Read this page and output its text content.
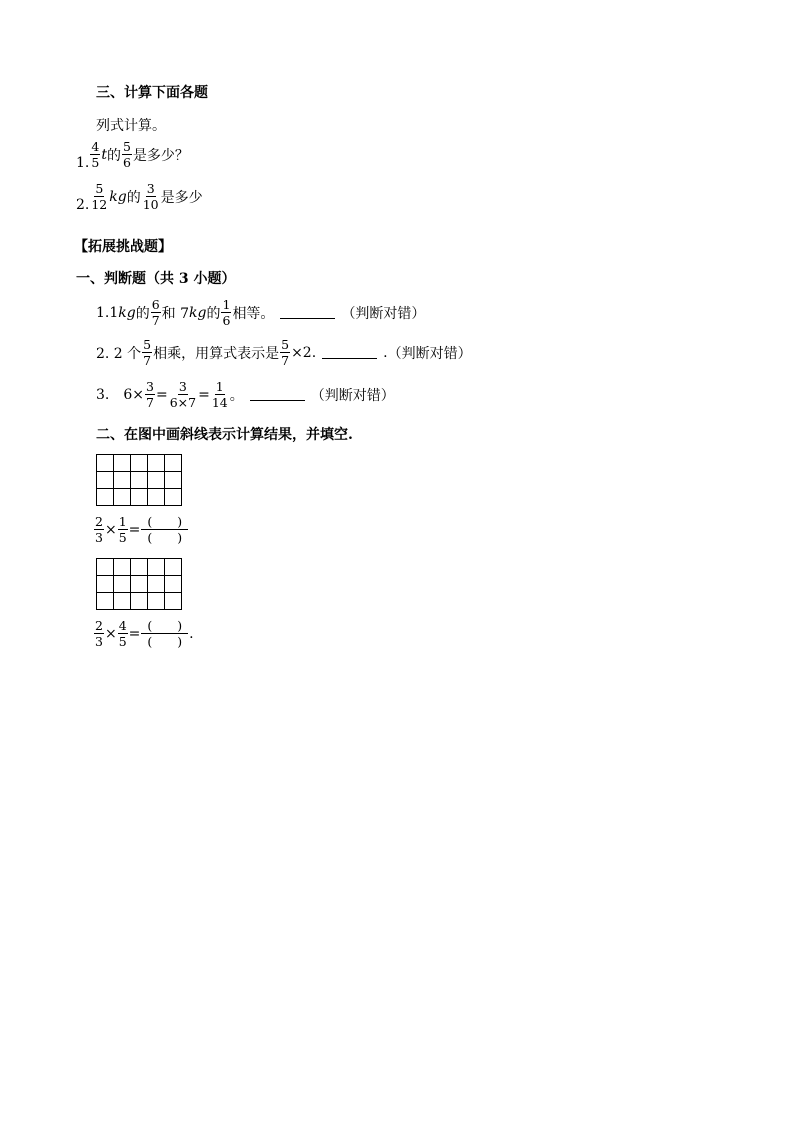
三、计算下面各题
列式计算。
1. $\frac{4}{5}$ t 的 $\frac{5}{6}$ 是多少？
2. $\frac{5}{12}$ kg 的 $\frac{3}{10}$ 是多少
【拓展挑战题】
一、判断题（共 3 小题）
1.1 kg 的 $\frac{6}{7}$ 和 7 kg 的 $\frac{1}{6}$ 相等。	（判断对错）
2. 2 个 $\frac{5}{7}$ 相乘，用算式表示是 $\frac{5}{7} \times 2$.	. （判断对错）
3. $6\times \frac{3}{7} = \frac{3}{6\times 7} = \frac{1}{14}$ 。	（判断对错）
二、在图中画斜线表示计算结果，并填空.

$\frac{2}{3} \times \frac{1}{5} = \frac{( )}{( )}$

$\frac{2}{3} \times \frac{4}{5} = \frac{( )}{( )}$ .
